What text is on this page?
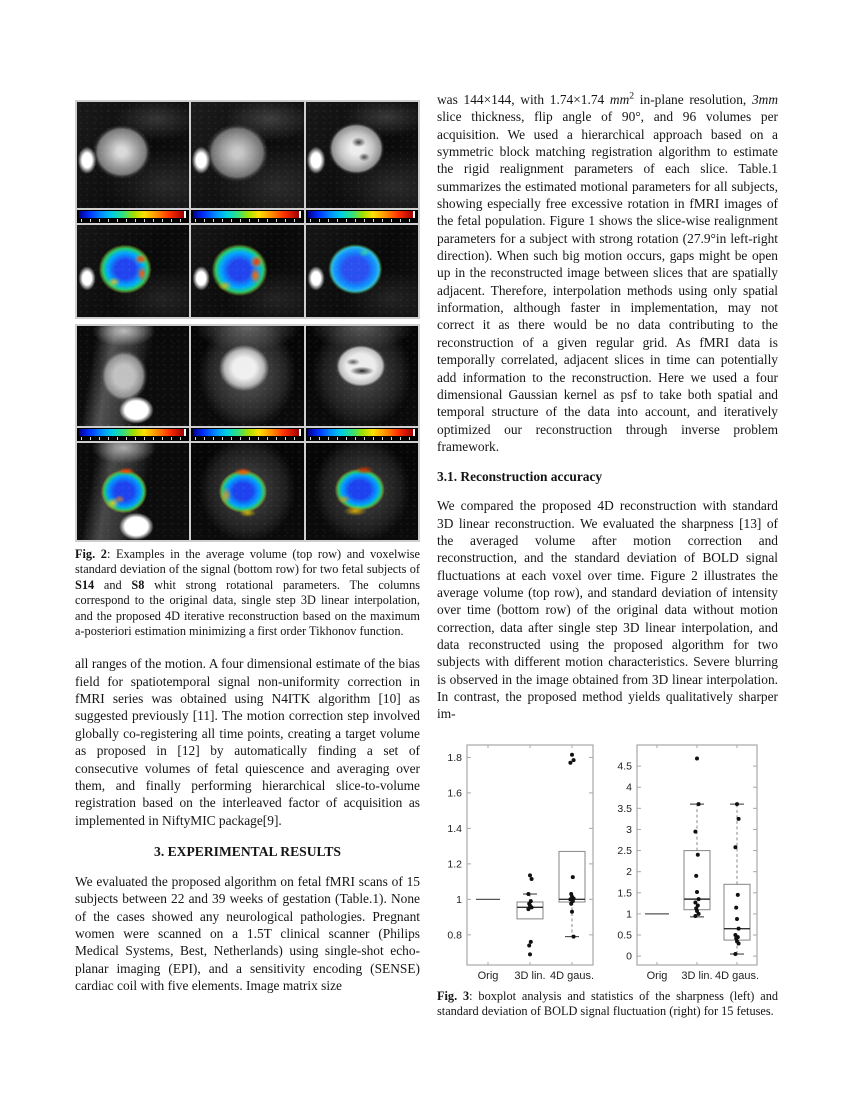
Fig. 2: Examples in the average volume (top row) and voxelwise standard deviation of the signal (bottom row) for two fetal subjects of S14 and S8 whit strong rotational parameters. The columns correspond to the original data, single step 3D linear interpolation, and the proposed 4D iterative reconstruction based on the maximum a-posteriori estimation minimizing a first order Tikhonov function.

all ranges of the motion. A four dimensional estimate of the bias field for spatiotemporal signal non-uniformity correction in fMRI series was obtained using N4ITK algorithm [10] as suggested previously [11]. The motion correction step involved globally co-registering all time points, creating a target volume as proposed in [12] by automatically finding a set of consecutive volumes of fetal quiescence and averaging over them, and finally performing hierarchical slice-to-volume registration based on the interleaved factor of acquisition as implemented in NiftyMIC package[9].

3. EXPERIMENTAL RESULTS

We evaluated the proposed algorithm on fetal fMRI scans of 15 subjects between 22 and 39 weeks of gestation (Table.1). None of the cases showed any neurological pathologies. Pregnant women were scanned on a 1.5T clinical scanner (Philips Medical Systems, Best, Netherlands) using single-shot echo-planar imaging (EPI), and a sensitivity encoding (SENSE) cardiac coil with five elements. Image matrix size

was 144×144, with 1.74×1.74 $mm^2$ in-plane resolution, 3mm slice thickness, flip angle of 90°, and 96 volumes per acquisition. We used a hierarchical approach based on a symmetric block matching registration algorithm to estimate the rigid realignment parameters of each slice. Table.1 summarizes the estimated motional parameters for all subjects, showing especially free excessive rotation in fMRI images of the fetal population. Figure 1 shows the slice-wise realignment parameters for a subject with strong rotation (27.9°in left-right direction). When such big motion occurs, gaps might be open up in the reconstructed image between slices that are spatially adjacent. Therefore, interpolation methods using only spatial information, although faster in implementation, may not correct it as there would be no data contributing to the reconstruction of a given regular grid. As fMRI data is temporally correlated, adjacent slices in time can potentially add information to the reconstruction. Here we used a four dimensional Gaussian kernel as psf to take both spatial and temporal structure of the data into account, and iteratively optimized our reconstruction through inverse problem framework.

3.1. Reconstruction accuracy

We compared the proposed 4D reconstruction with standard 3D linear reconstruction. We evaluated the sharpness [13] of the averaged volume after motion correction and reconstruction, and the standard deviation of BOLD signal fluctuations at each voxel over time. Figure 2 illustrates the average volume (top row), and standard deviation of intensity over time (bottom row) of the original data without motion correction, data after single step 3D linear interpolation, and data reconstructed using the proposed algorithm for two subjects with different motion characteristics. Severe blurring is observed in the image obtained from 3D linear interpolation. In contrast, the proposed method yields qualitatively sharper im-

0.8
1
1.2
1.4
1.6
1.8
Orig 3D lin. 4D gaus.
0
0.5
1
1.5
2
2.5
3
3.5
4
4.5
Orig 3D lin. 4D gaus.

Fig. 3: boxplot analysis and statistics of the sharpness (left) and standard deviation of BOLD signal fluctuation (right) for 15 fetuses.
